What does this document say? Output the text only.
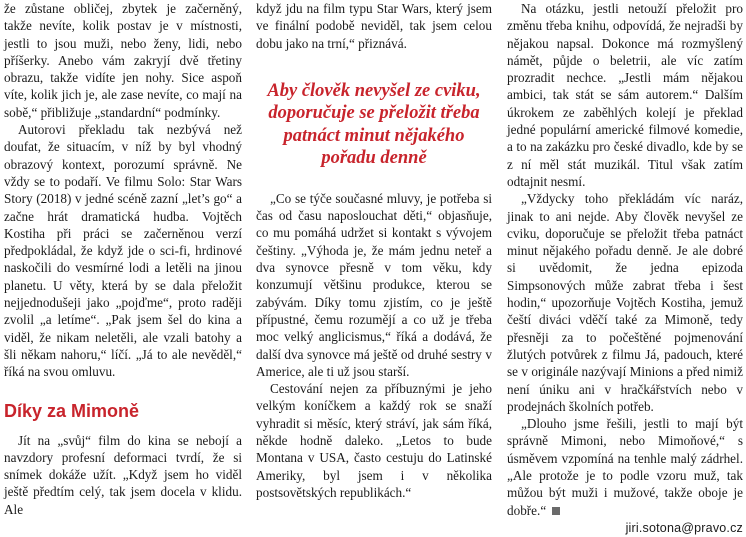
že zůstane obličej, zbytek je začerněný, takže nevíte, kolik postav je v místnosti, jestli to jsou muži, nebo ženy, lidi, nebo příšerky. Anebo vám zakryjí dvě třetiny obrazu, takže vidíte jen nohy. Sice aspoň víte, kolik jich je, ale zase nevíte, co mají na sobě,“ přibližuje „standardní“ podmínky.

Autorovi překladu tak nezbývá než doufat, že situacím, v níž by byl vhodný obrazový kontext, porozumí správně. Ne vždy se to podaří. Ve filmu Solo: Star Wars Story (2018) v jedné scéně zazní „let’s go“ a začne hrát dramatická hudba. Vojtěch Kostiha při práci se začerněnou verzí předpokládal, že když jde o sci-fi, hrdinové naskočili do vesmírné lodi a letěli na jinou planetu. U věty, která by se dala přeložit nejjednodušeji jako „pojďme“, proto raději zvolil „a letíme“. „Pak jsem šel do kina a viděl, že nikam neletěli, ale vzali batohy a šli někam nahoru,“ líčí. „Já to ale nevěděl,“ říká na svou omluvu.

Díky za Mimoně

Jít na „svůj“ film do kina se nebojí a navzdory profesní deformaci tvrdí, že si snímek dokáže užít. „Když jsem ho viděl ještě předtím celý, tak jsem docela v klidu. Ale

když jdu na film typu Star Wars, který jsem ve finální podobě neviděl, tak jsem celou dobu jako na trní,“ přiznává.

Aby člověk nevyšel ze cviku, doporučuje se přeložit třeba patnáct minut nějakého pořadu denně

„Co se týče současné mluvy, je potřeba si čas od času naposlouchat děti,“ objasňuje, co mu pomáhá udržet si kontakt s vývojem češtiny. „Výhoda je, že mám jednu neteř a dva synovce přesně v tom věku, kdy konzumují většinu produkce, kterou se zabývám. Díky tomu zjistím, co je ještě přípustné, čemu rozumějí a co už je třeba moc velký anglicismus,“ říká a dodává, že další dva synovce má ještě od druhé sestry v Americe, ale ti už jsou starší.

Cestování nejen za příbuznými je jeho velkým koníčkem a každý rok se snaží vyhradit si měsíc, který stráví, jak sám říká, někde hodně daleko. „Letos to bude Montana v USA, často cestuju do Latinské Ameriky, byl jsem i v několika postsovětských republikách.“

Na otázku, jestli netouží přeložit pro změnu třeba knihu, odpovídá, že nejradši by nějakou napsal. Dokonce má rozmyšlený námět, půjde o beletrii, ale víc zatím prozradit nechce. „Jestli mám nějakou ambici, tak stát se sám autorem.“ Dalším úkrokem ze zaběhlých kolejí je překlad jedné populární americké filmové komedie, a to na zakázku pro české divadlo, kde by se z ní měl stát muzikál. Titul však zatím odtajnit nesmí.

„Vždycky toho překládám víc naráz, jinak to ani nejde. Aby člověk nevyšel ze cviku, doporučuje se přeložit třeba patnáct minut nějakého pořadu denně. Je ale dobré si uvědomit, že jedna epizoda Simpsonových může zabrat třeba i šest hodin,“ upozorňuje Vojtěch Kostiha, jemuž čeští diváci vděčí také za Mimoně, tedy přesněji za to počeštěné pojmenování žlutých potvůrek z filmu Já, padouch, které se v originále nazývají Minions a před nimiž není úniku ani v hračkářstvích nebo v prodejnách školních potřeb.

„Dlouho jsme řešili, jestli to mají být správně Mimoni, nebo Mimoňové,“ s úsměvem vzpomíná na tenhle malý zádrhel. „Ale protože je to podle vzoru muž, tak můžou být muži i mužové, takže oboje je dobře.“

jiri.sotona@pravo.cz
